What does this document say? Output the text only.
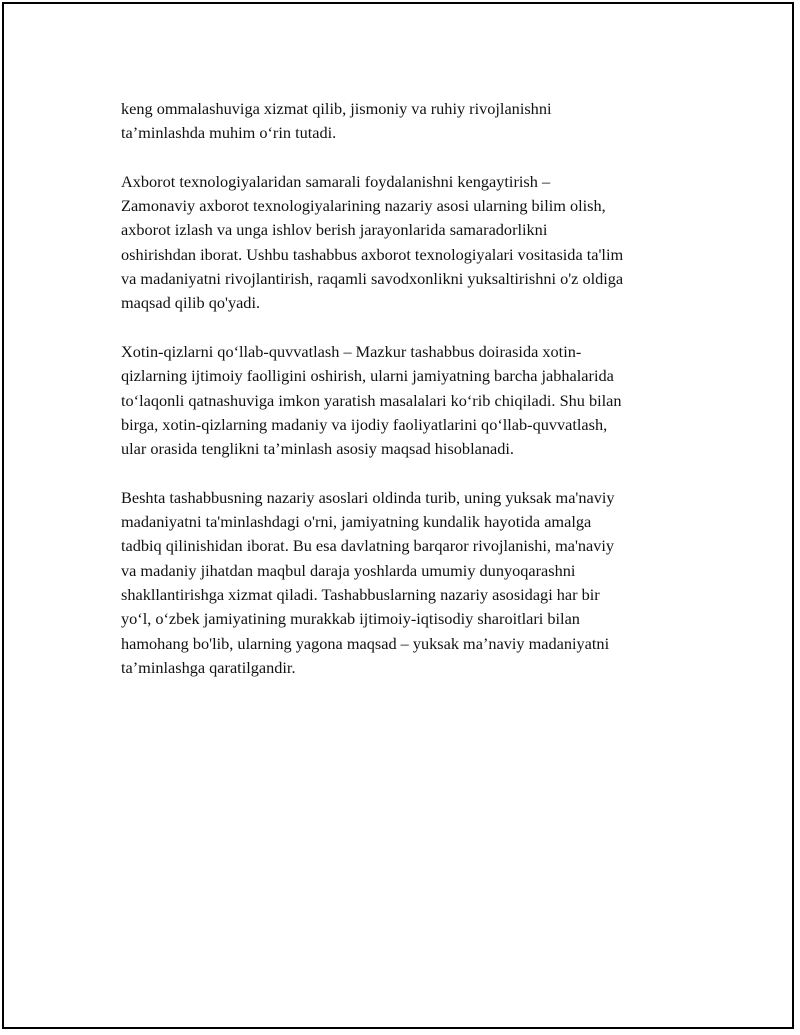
keng ommalashuviga xizmat qilib, jismoniy va ruhiy rivojlanishni
ta’minlashda muhim o‘rin tutadi.

Axborot texnologiyalaridan samarali foydalanishni kengaytirish –
Zamonaviy axborot texnologiyalarining nazariy asosi ularning bilim olish,
axborot izlash va unga ishlov berish jarayonlarida samaradorlikni
oshirishdan iborat. Ushbu tashabbus axborot texnologiyalari vositasida ta'lim
va madaniyatni rivojlantirish, raqamli savodxonlikni yuksaltirishni o'z oldiga
maqsad qilib qo'yadi.

Xotin-qizlarni qo‘llab-quvvatlash – Mazkur tashabbus doirasida xotin-
qizlarning ijtimoiy faolligini oshirish, ularni jamiyatning barcha jabhalarida
to‘laqonli qatnashuviga imkon yaratish masalalari ko‘rib chiqiladi. Shu bilan
birga, xotin-qizlarning madaniy va ijodiy faoliyatlarini qo‘llab-quvvatlash,
ular orasida tenglikni ta’minlash asosiy maqsad hisoblanadi.

Beshta tashabbusning nazariy asoslari oldinda turib, uning yuksak ma'naviy
madaniyatni ta'minlashdagi o'rni, jamiyatning kundalik hayotida amalga
tadbiq qilinishidan iborat. Bu esa davlatning barqaror rivojlanishi, ma'naviy
va madaniy jihatdan maqbul daraja yoshlarda umumiy dunyoqarashni
shakllantirishga xizmat qiladi. Tashabbuslarning nazariy asosidagi har bir
yo‘l, o‘zbek jamiyatining murakkab ijtimoiy-iqtisodiy sharoitlari bilan
hamohang bo'lib, ularning yagona maqsad – yuksak ma’naviy madaniyatni
ta’minlashga qaratilgandir.
